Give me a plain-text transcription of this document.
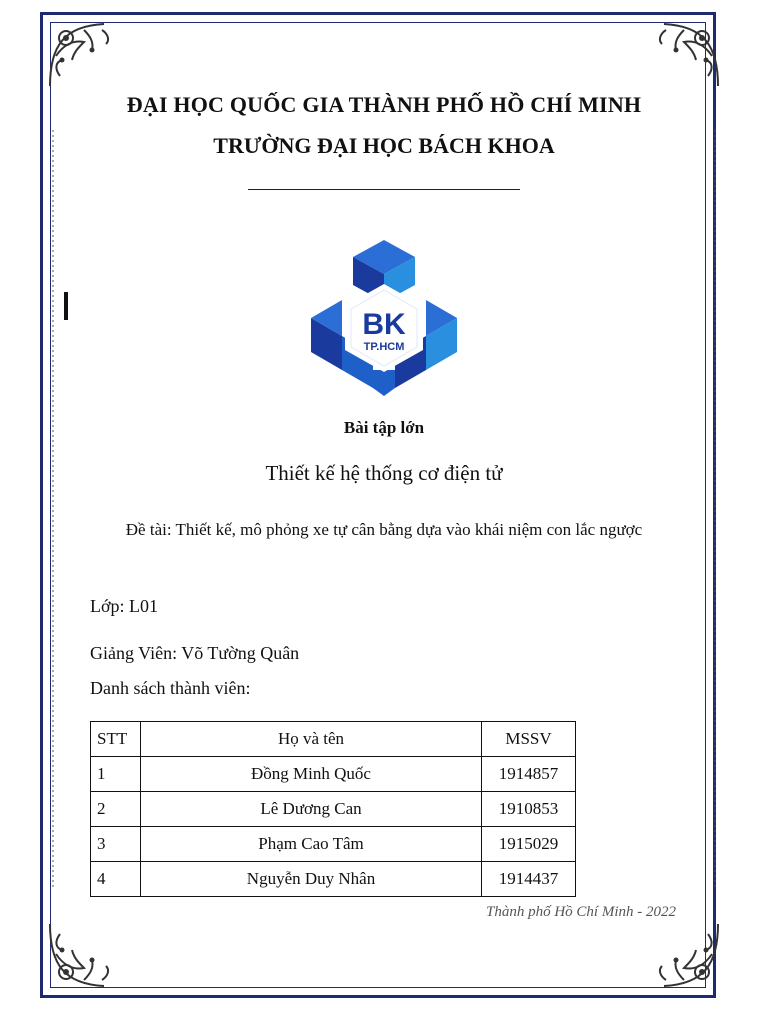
ĐẠI HỌC QUỐC GIA THÀNH PHỐ HỒ CHÍ MINH
TRƯỜNG ĐẠI HỌC BÁCH KHOA
BK
TP.HCM
Bài tập lớn
Thiết kế hệ thống cơ điện tử
Đề tài: Thiết kế, mô phỏng xe tự cân bằng dựa vào khái niệm con lắc ngược
Lớp: L01
Giảng Viên: Võ Tường Quân
Danh sách thành viên:
STT	Họ và tên	MSSV
1	Đồng Minh Quốc	1914857
2	Lê Dương Can	1910853
3	Phạm Cao Tâm	1915029
4	Nguyễn Duy Nhân	1914437
Thành phố Hồ Chí Minh - 2022
